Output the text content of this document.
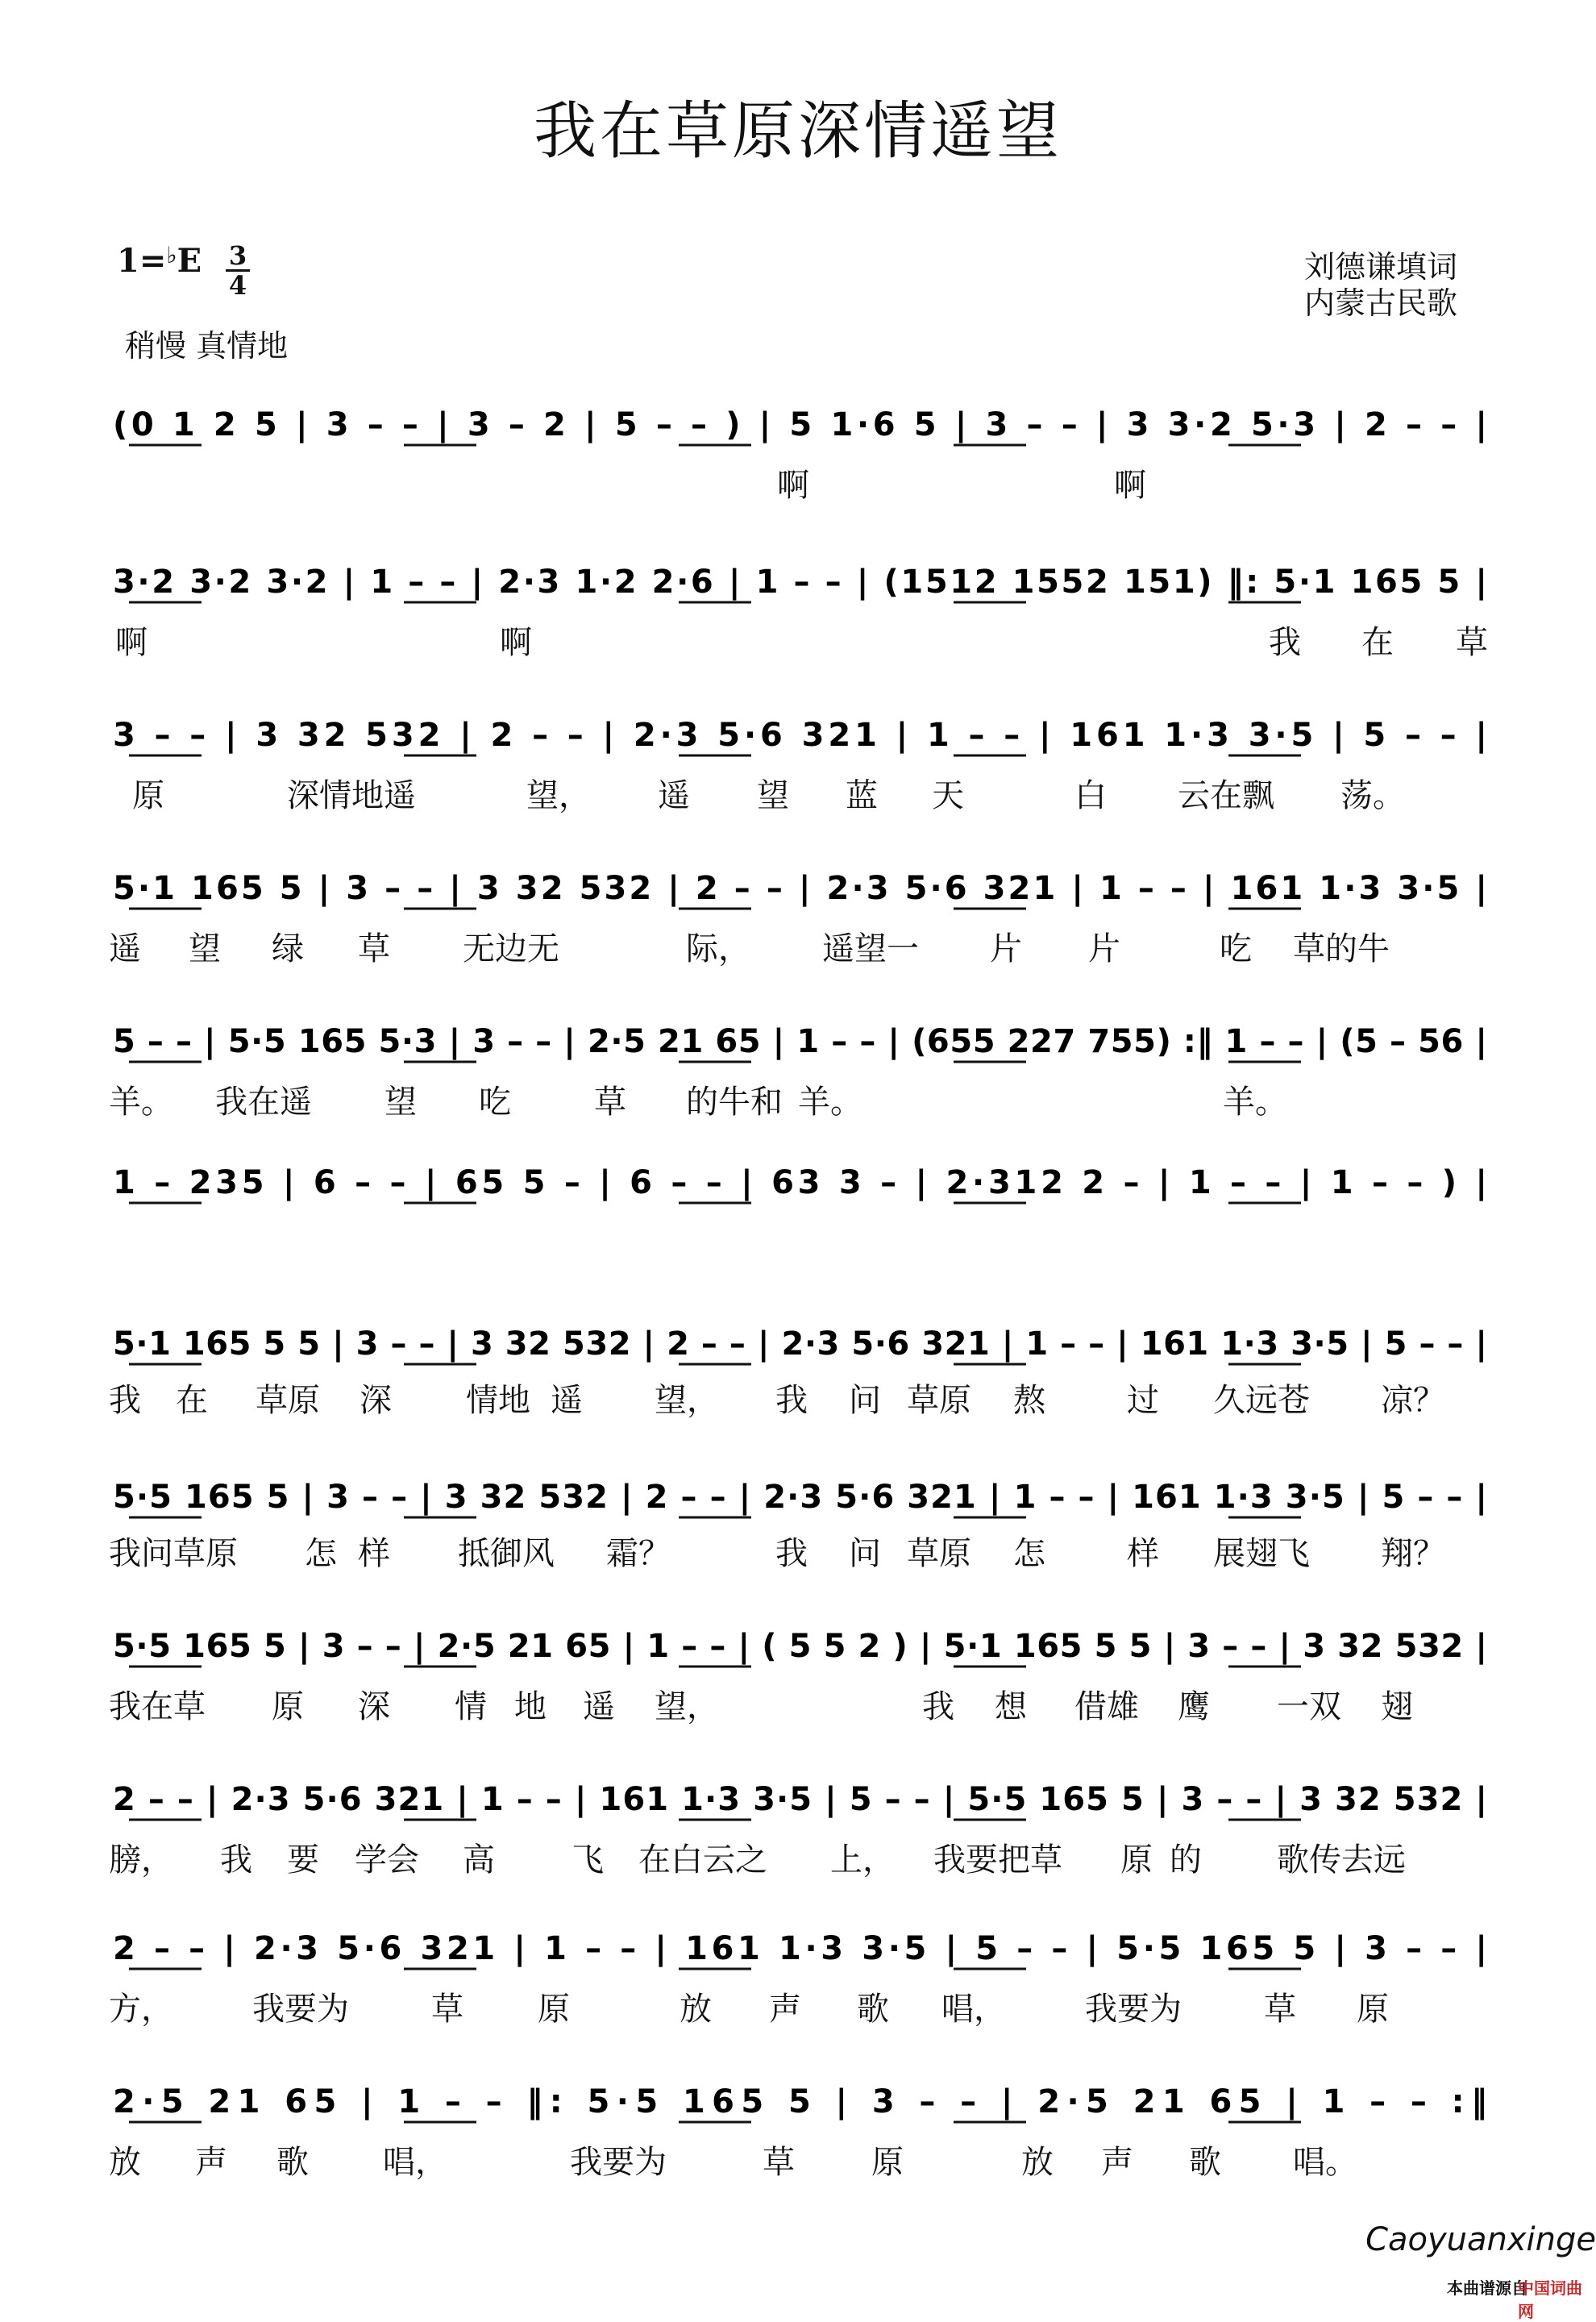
我在草原深情遥望
1=♭E 3
4
稍慢 真情地
刘德谦填词
内蒙古民歌
(0 1 2 5 | 3 – – | 3 – 2 | 5 – – ) | 5 1·6 5 | 3 – – | 3 3·2 5·3 | 2 – – |
啊	啊
3·2 3·2 3·2 | 1 – – | 2·3 1·2 2·6 | 1 – – | (1512 1552 151) ‖: 5·1 165 5 |
啊	啊	我 在 草
3 – – | 3 32 532 | 2 – – | 2·3 5·6 321 | 1 – – | 161 1·3 3·5 | 5 – – |
原	深情地遥	望， 遥 望 蓝 天	白 云在飘 荡。
5·1 165 5 | 3 – – | 3 32 532 | 2 – – | 2·3 5·6 321 | 1 – – | 161 1·3 3·5 |
遥 望 绿 草 无边无	际， 遥望一 片 片	吃 草的牛
5 – – | 5·5 165 5·3 | 3 – – | 2·5 21 65 | 1 – – | (655 227 755) :‖ 1 – – | (5 – 56 |
羊。 我在遥 望 吃	草 的牛和 羊。	羊。
1 – 235 | 6 – – | 65 5 – | 6 – – | 63 3 – | 2·312 2 – | 1 – – | 1 – – ) |
5·1 165 5 5 | 3 – – | 3 32 532 | 2 – – | 2·3 5·6 321 | 1 – – | 161 1·3 3·5 | 5 – – |
我 在 草原 深 情地 遥 望， 我 问 草原 熬	过 久远苍 凉？
5·5 165 5 | 3 – – | 3 32 532 | 2 – – | 2·3 5·6 321 | 1 – – | 161 1·3 3·5 | 5 – – |
我问草原 怎 样 抵御风 霜？	我 问 草原 怎	样 展翅飞 翔？
5·5 165 5 | 3 – – | 2·5 21 65 | 1 – – | ( 5 5 2 ) | 5·1 165 5 5 | 3 – – | 3 32 532 |
我在草 原 深 情 地 遥 望，	我 想 借雄 鹰 一双 翅
2 – – | 2·3 5·6 321 | 1 – – | 161 1·3 3·5 | 5 – – | 5·5 165 5 | 3 – – | 3 32 532 |
膀， 我 要 学会 高 飞 在白云之 上， 我要把草 原 的 歌传去远
2 – – | 2·3 5·6 321 | 1 – – | 161 1·3 3·5 | 5 – – | 5·5 165 5 | 3 – – |
方， 我要为	草 原	放 声 歌 唱， 我要为	草 原
2·5 21 65 | 1 – – ‖: 5·5 165 5 | 3 – – | 2·5 21 65 | 1 – – :‖
放 声 歌 唱，	我要为	草 原	放 声 歌 唱。
Caoyuanxinge
本曲谱源自
中国词曲网
